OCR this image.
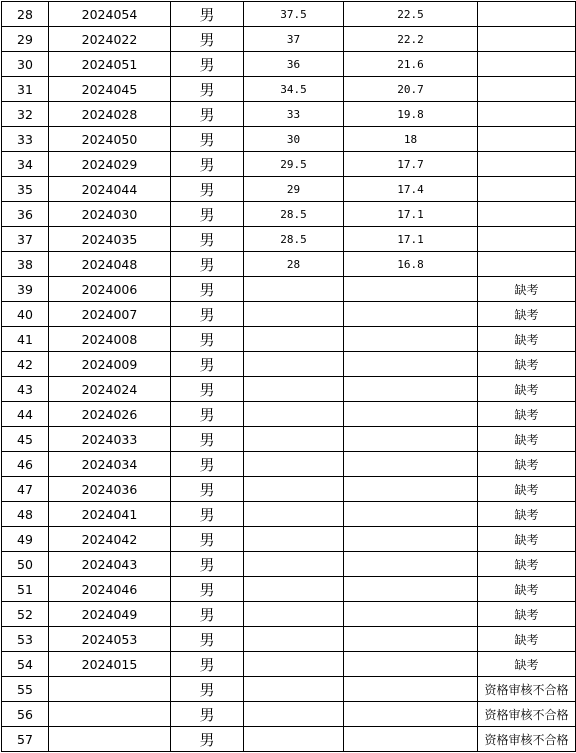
28	2024054	男	37.5	22.5	
29	2024022	男	37	22.2	
30	2024051	男	36	21.6	
31	2024045	男	34.5	20.7	
32	2024028	男	33	19.8	
33	2024050	男	30	18	
34	2024029	男	29.5	17.7	
35	2024044	男	29	17.4	
36	2024030	男	28.5	17.1	
37	2024035	男	28.5	17.1	
38	2024048	男	28	16.8	
39	2024006	男			缺考
40	2024007	男			缺考
41	2024008	男			缺考
42	2024009	男			缺考
43	2024024	男			缺考
44	2024026	男			缺考
45	2024033	男			缺考
46	2024034	男			缺考
47	2024036	男			缺考
48	2024041	男			缺考
49	2024042	男			缺考
50	2024043	男			缺考
51	2024046	男			缺考
52	2024049	男			缺考
53	2024053	男			缺考
54	2024015	男			缺考
55		男			资格审核不合格
56		男			资格审核不合格
57		男			资格审核不合格
